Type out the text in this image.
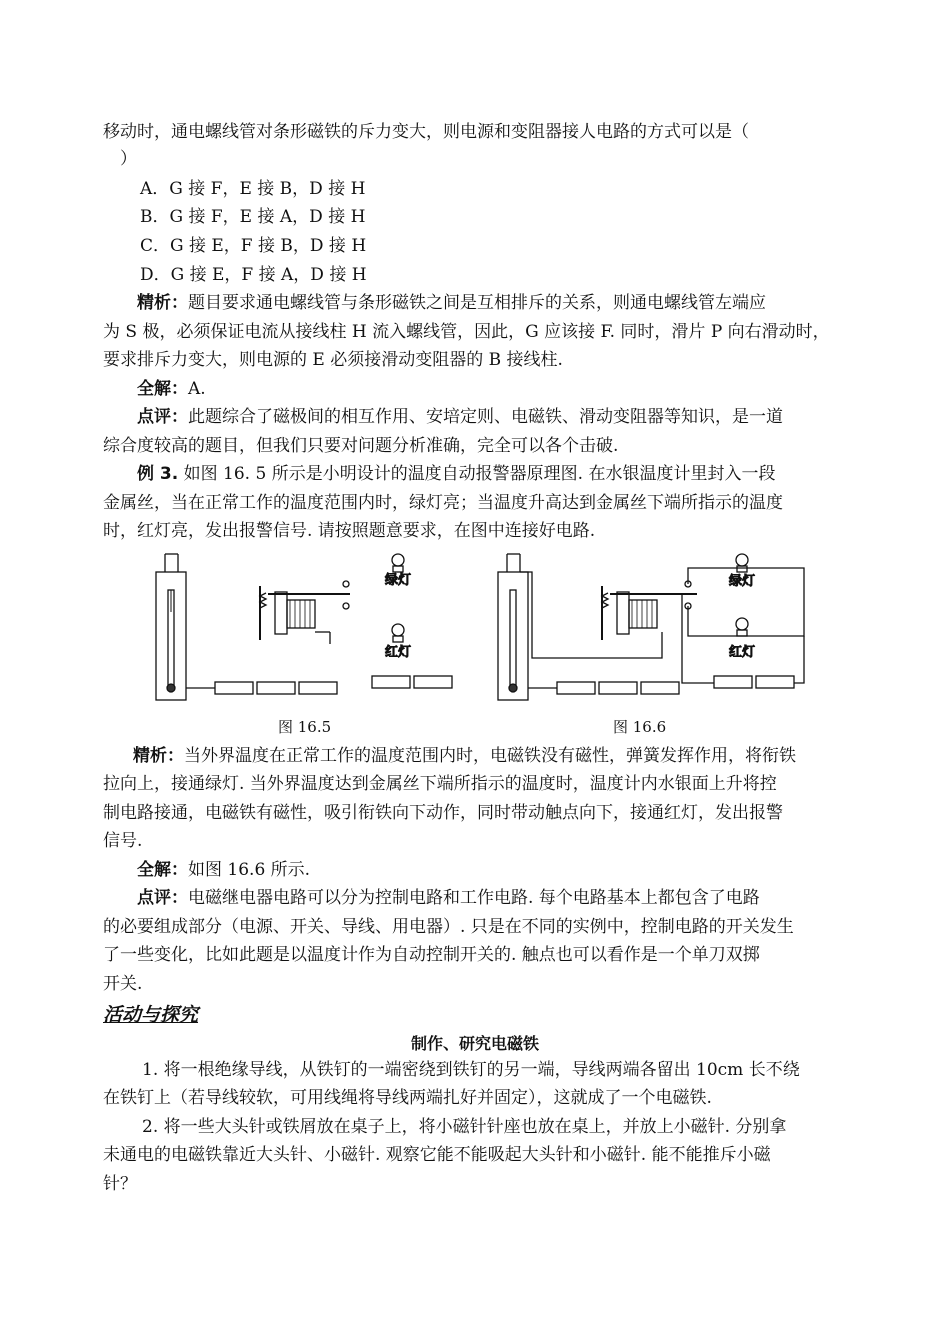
移动时，通电螺线管对条形磁铁的斥力变大，则电源和变阻器接人电路的方式可以是（
）
A．G 接 F，E 接 B，D 接 H
B．G 接 F，E 接 A，D 接 H
C．G 接 E，F 接 B，D 接 H
D．G 接 E，F 接 A，D 接 H
精析：题目要求通电螺线管与条形磁铁之间是互相排斥的关系，则通电螺线管左端应
为 S 极，必须保证电流从接线柱 H 流入螺线管，因此，G 应该接 F. 同时，滑片 P 向右滑动时，
要求排斥力变大，则电源的 E 必须接滑动变阻器的 B 接线柱.
全解：A.
点评：此题综合了磁极间的相互作用、安培定则、电磁铁、滑动变阻器等知识，是一道
综合度较高的题目，但我们只要对问题分析准确，完全可以各个击破.
例 3. 如图 16. 5 所示是小明设计的温度自动报警器原理图. 在水银温度计里封入一段
金属丝，当在正常工作的温度范围内时，绿灯亮；当温度升高达到金属丝下端所指示的温度
时，红灯亮，发出报警信号. 请按照题意要求，在图中连接好电路.
绿灯
红灯
图 16.5
绿灯
红灯
图 16.6
精析：当外界温度在正常工作的温度范围内时，电磁铁没有磁性，弹簧发挥作用，将衔铁
拉向上，接通绿灯. 当外界温度达到金属丝下端所指示的温度时，温度计内水银面上升将控
制电路接通，电磁铁有磁性，吸引衔铁向下动作，同时带动触点向下，接通红灯，发出报警
信号.
全解：如图 16.6 所示.
点评：电磁继电器电路可以分为控制电路和工作电路. 每个电路基本上都包含了电路
的必要组成部分（电源、开关、导线、用电器）. 只是在不同的实例中，控制电路的开关发生
了一些变化，比如此题是以温度计作为自动控制开关的. 触点也可以看作是一个单刀双掷
开关.
活动与探究
制作、研究电磁铁
1. 将一根绝缘导线，从铁钉的一端密绕到铁钉的另一端，导线两端各留出 10cm 长不绕
在铁钉上（若导线较软，可用线绳将导线两端扎好并固定），这就成了一个电磁铁.
2. 将一些大头针或铁屑放在桌子上，将小磁针针座也放在桌上，并放上小磁针. 分别拿
未通电的电磁铁靠近大头针、小磁针. 观察它能不能吸起大头针和小磁针. 能不能推斥小磁
针？
